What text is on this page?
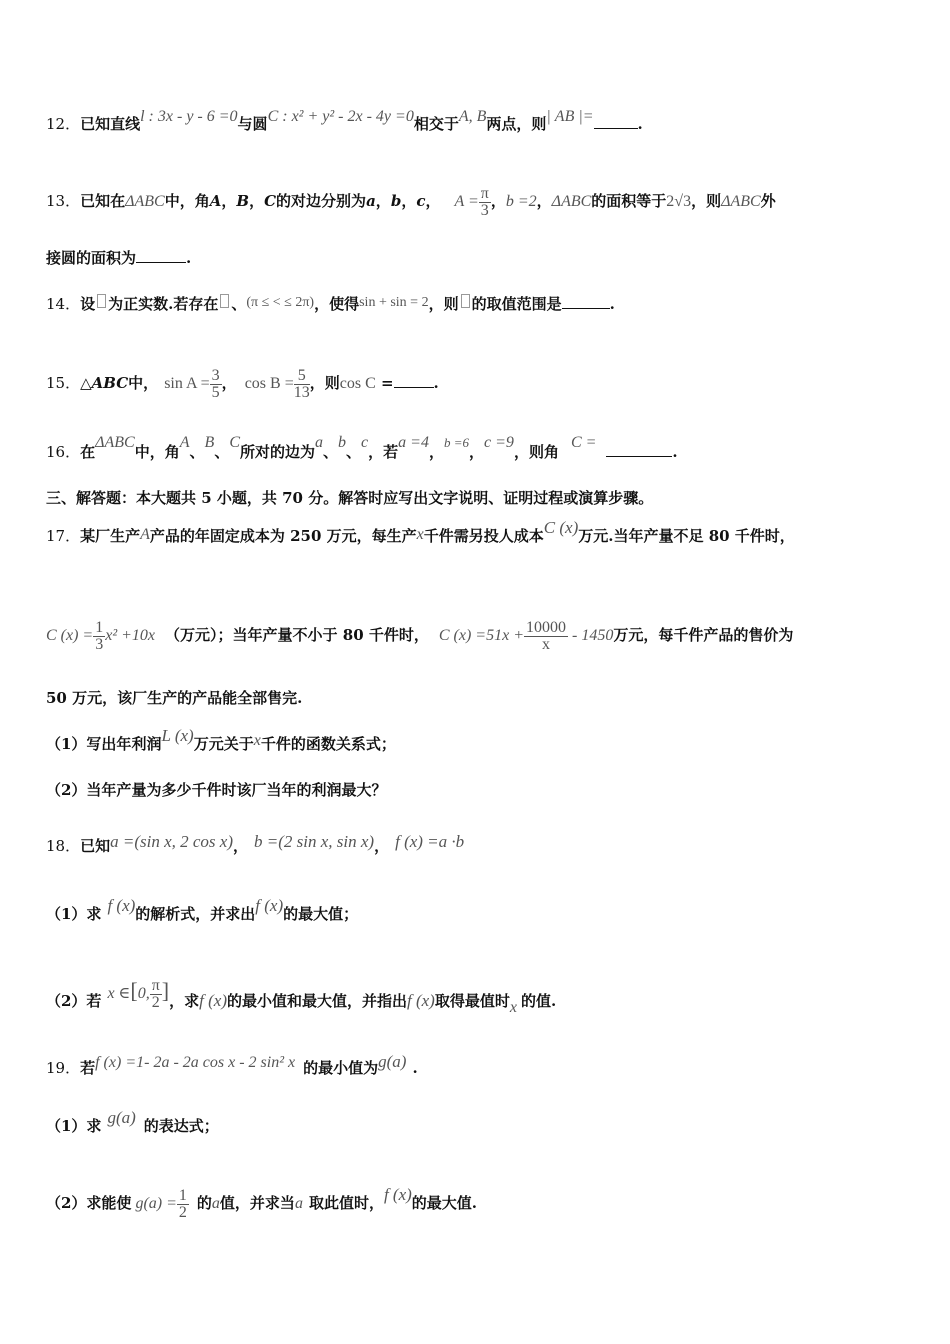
12．已知直线l : 3x - y - 6 =0与圆C : x² + y² - 2x - 4y =0相交于A, B两点，则| AB |=	.
13．已知在ΔABC中，角A，B，C的对边分别为a，b，c， $A = \frac{\pi}{3}$ ，b =2，ΔABC的面积等于2√3，则ΔABC外
接圆的面积为	.
14．设 为正实数.若存在 、(π ≤ < ≤ 2π)，使得sin + sin = 2，则 的取值范围是	.
15．△ABC中， $\sin A = \frac{3}{5}$ ， $\cos B = \frac{5}{13}$ ，则cos C =	.
16．在ΔABC中，角A、B、C所对的边为a、b、c，若a =4，b =6，c =9，则角C =.
三、解答题：本大题共 5 小题，共 70 分。解答时应写出文字说明、证明过程或演算步骤。
17．某厂生产A产品的年固定成本为 250 万元，每生产x千件需另投人成本C (x)万元.当年产量不足 80 千件时，
C $(x) = \frac{1}{3} x^2 +10x$ （万元）；当年产量不小于 80 千件时， C $(x) =51x + \frac{10000}{x} - 1450$万元，每千件产品的售价为
50 万元，该厂生产的产品能全部售完.
（1）写出年利润L (x)万元关于x千件的函数关系式；
（2）当年产量为多少千件时该厂当年的利润最大？
18．已知a =(sin x, 2 cos x)， b =(2 sin x, sin x)， f (x) =a ·b
（1）求 f (x)的解析式，并求出f (x)的最大值；
（2）若 x ∈[0, $\frac{\pi}{2}$ ]，求f (x)的最小值和最大值，并指出f (x)取得最值时x 的值.
19．若f (x) =1- 2a - 2a cos x - 2 sin² x 的最小值为g(a) .
（1）求 g(a) 的表达式；
（2）求能使 $g(a) = \frac{1}{2}$ 的a值，并求当a 取此值时，f (x)的最大值.
